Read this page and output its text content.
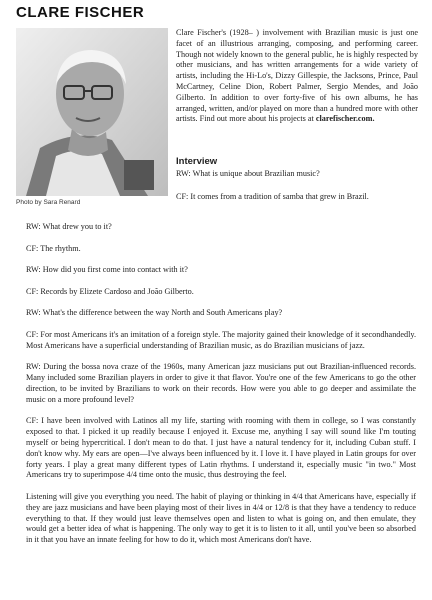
CLARE FISCHER
Photo by Sara Renard
Clare Fischer's (1928– ) involvement with Brazilian music is just one facet of an illustrious arranging, composing, and performing career. Though not widely known to the general public, he is highly respected by other musicians, and has written arrangements for a wide variety of artists, including the Hi-Lo's, Dizzy Gillespie, the Jacksons, Prince, Paul McCartney, Celine Dion, Robert Palmer, Sergio Mendes, and João Gilberto. In addition to over forty-five of his own albums, he has arranged, written, and/or played on more than a hundred more with other artists. Find out more about his projects at clarefischer.com.
Interview

RW: What is unique about Brazilian music?

CF: It comes from a tradition of samba that grew in Brazil.

RW: What drew you to it?

CF: The rhythm.

RW: How did you first come into contact with it?

CF: Records by Elizete Cardoso and João Gilberto.

RW: What's the difference between the way North and South Americans play?

CF: For most Americans it's an imitation of a foreign style. The majority gained their knowledge of it secondhandedly. Most Americans have a superficial understanding of Brazilian music, as do Brazilian musicians of jazz.

RW: During the bossa nova craze of the 1960s, many American jazz musicians put out Brazilian-influenced records. Many included some Brazilian players in order to give it that flavor. You're one of the few Americans to go the other direction, to be invited by Brazilians to work on their records. How were you able to go deeper and assimilate the music on a more profound level?

CF: I have been involved with Latinos all my life, starting with rooming with them in college, so I was constantly exposed to that. I picked it up readily because I enjoyed it. Excuse me, anything I say will sound like I'm touting myself or being hypercritical. I don't mean to do that. I just have a natural tendency for it, including Cuban stuff. I don't know why. My ears are open—I've always been influenced by it. I love it. I have played in Latin groups for over forty years. I play a great many different types of Latin rhythms. I understand it, especially music "in two." Most Americans try to superimpose 4/4 time onto the music, thus destroying the feel.

Listening will give you everything you need. The habit of playing or thinking in 4/4 that Americans have, especially if they are jazz musicians and have been playing most of their lives in 4/4 or 12/8 is that they have a tendency to reduce everything to that. If they would just leave themselves open and listen to what is going on, and then emulate, they would get a better idea of what is happening. The only way to get it is to listen to it all, until you've been so absorbed in it that you have an innate feeling for how to do it, which most Americans don't have.
